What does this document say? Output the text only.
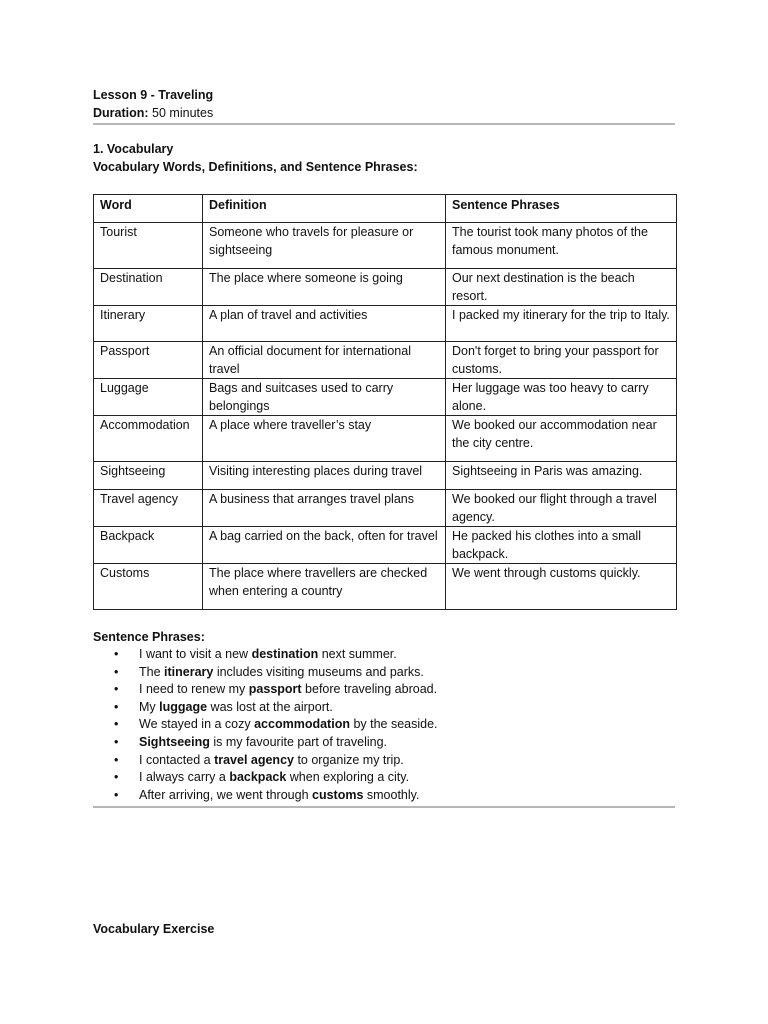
Lesson 9 - Traveling
Duration: 50 minutes
1. Vocabulary
Vocabulary Words, Definitions, and Sentence Phrases:
Word	Definition	Sentence Phrases
Tourist	Someone who travels for pleasure or sightseeing	The tourist took many photos of the famous monument.
Destination	The place where someone is going	Our next destination is the beach resort.
Itinerary	A plan of travel and activities	I packed my itinerary for the trip to Italy.
Passport	An official document for international travel	Don't forget to bring your passport for customs.
Luggage	Bags and suitcases used to carry belongings	Her luggage was too heavy to carry alone.
Accommodation	A place where traveller’s stay	We booked our accommodation near the city centre.
Sightseeing	Visiting interesting places during travel	Sightseeing in Paris was amazing.
Travel agency	A business that arranges travel plans	We booked our flight through a travel agency.
Backpack	A bag carried on the back, often for travel	He packed his clothes into a small backpack.
Customs	The place where travellers are checked when entering a country	We went through customs quickly.
Sentence Phrases:
• I want to visit a new destination next summer.
• The itinerary includes visiting museums and parks.
• I need to renew my passport before traveling abroad.
• My luggage was lost at the airport.
• We stayed in a cozy accommodation by the seaside.
• Sightseeing is my favourite part of traveling.
• I contacted a travel agency to organize my trip.
• I always carry a backpack when exploring a city.
• After arriving, we went through customs smoothly.
Vocabulary Exercise
